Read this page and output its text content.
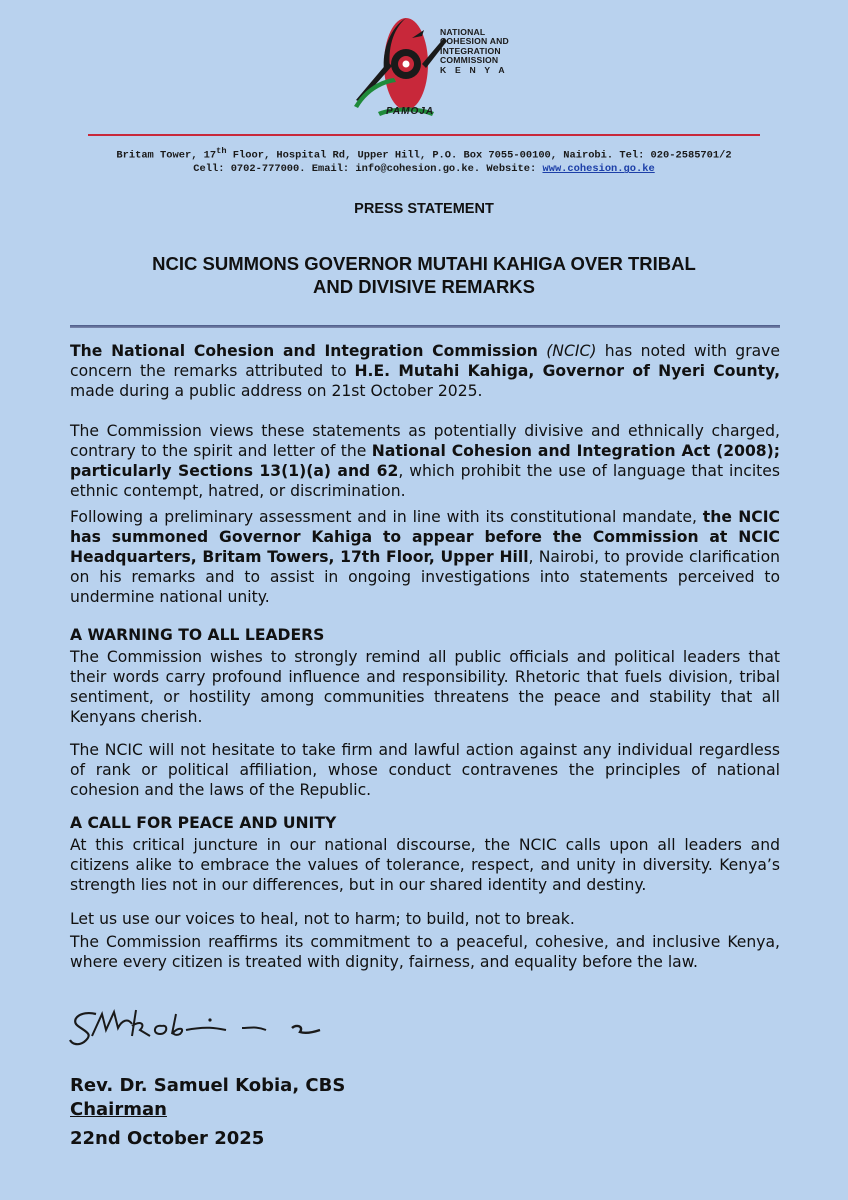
NATIONAL
COHESION AND
INTEGRATION
COMMISSION
K E N Y A
PAMOJA
Britam Tower, 17th Floor, Hospital Rd, Upper Hill, P.O. Box 7055-00100, Nairobi. Tel: 020-2585701/2
Cell: 0702-777000. Email: info@cohesion.go.ke. Website: www.cohesion.go.ke
PRESS STATEMENT
NCIC SUMMONS GOVERNOR MUTAHI KAHIGA OVER TRIBAL
AND DIVISIVE REMARKS

The National Cohesion and Integration Commission (NCIC) has noted with grave concern the remarks attributed to H.E. Mutahi Kahiga, Governor of Nyeri County, made during a public address on 21st October 2025.

The Commission views these statements as potentially divisive and ethnically charged, contrary to the spirit and letter of the National Cohesion and Integration Act (2008); particularly Sections 13(1)(a) and 62, which prohibit the use of language that incites ethnic contempt, hatred, or discrimination.

Following a preliminary assessment and in line with its constitutional mandate, the NCIC has summoned Governor Kahiga to appear before the Commission at NCIC Headquarters, Britam Towers, 17th Floor, Upper Hill, Nairobi, to provide clarification on his remarks and to assist in ongoing investigations into statements perceived to undermine national unity.

A WARNING TO ALL LEADERS

The Commission wishes to strongly remind all public officials and political leaders that their words carry profound influence and responsibility. Rhetoric that fuels division, tribal sentiment, or hostility among communities threatens the peace and stability that all Kenyans cherish.

The NCIC will not hesitate to take firm and lawful action against any individual regardless of rank or political affiliation, whose conduct contravenes the principles of national cohesion and the laws of the Republic.

A CALL FOR PEACE AND UNITY

At this critical juncture in our national discourse, the NCIC calls upon all leaders and citizens alike to embrace the values of tolerance, respect, and unity in diversity. Kenya’s strength lies not in our differences, but in our shared identity and destiny.

Let us use our voices to heal, not to harm; to build, not to break.

The Commission reaffirms its commitment to a peaceful, cohesive, and inclusive Kenya, where every citizen is treated with dignity, fairness, and equality before the law.

Rev. Dr. Samuel Kobia, CBS
Chairman
22nd October 2025
